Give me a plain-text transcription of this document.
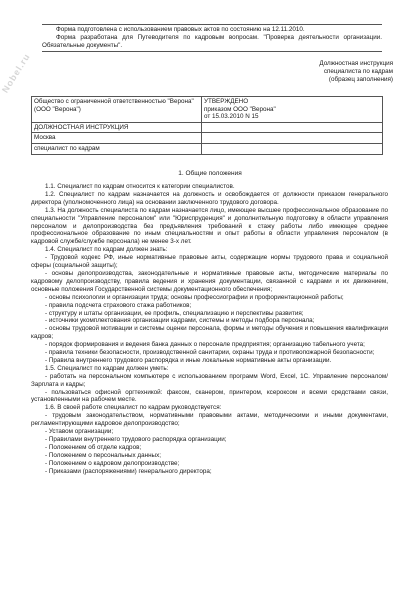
Nobel.ru

Форма подготовлена с использованием правовых актов по состоянию на 12.11.2010.

Форма разработана для Путеводителя по кадровым вопросам. "Проверка деятельности организации. Обязательные документы".

Должностная инструкция
специалиста по кадрам
(образец заполнения)
Общество с ограниченной ответственностью "Верона" (ООО "Верона")	УТВЕРЖДЕНО
приказом ООО "Верона"
от 15.03.2010 N 15

ДОЛЖНОСТНАЯ ИНСТРУКЦИЯ	
Москва	
специалист по кадрам	
1. Общие положения

1.1. Специалист по кадрам относится к категории специалистов.

1.2. Специалист по кадрам назначается на должность и освобождается от должности приказом генерального директора (уполномоченного лица) на основании заключенного трудового договора.

1.3. На должность специалиста по кадрам назначается лицо, имеющее высшее профессиональное образование по специальности "Управление персоналом" или "Юриспруденция" и дополнительную подготовку в области управления персоналом и делопроизводства без предъявления требований к стажу работы либо имеющее среднее профессиональное образование по иным специальностям и опыт работы в области управления персоналом (в кадровой службе/службе персонала) не менее 3-х лет.

1.4. Специалист по кадрам должен знать:

- Трудовой кодекс РФ, иные нормативные правовые акты, содержащие нормы трудового права и социальной сферы (социальной защиты);

- основы делопроизводства, законодательные и нормативные правовые акты, методические материалы по кадровому делопроизводству, правила ведения и хранения документации, связанной с кадрами и их движением, основные положения Государственной системы документационного обеспечения;

- основы психологии и организации труда; основы профессиографии и профориентационной работы;

- правила подсчета страхового стажа работников;

- структуру и штаты организации, ее профиль, специализацию и перспективы развития;

- источники укомплектования организации кадрами, системы и методы подбора персонала;

- основы трудовой мотивации и системы оценки персонала, формы и методы обучения и повышения квалификации кадров;

- порядок формирования и ведения банка данных о персонале предприятия; организацию табельного учета;

- правила техники безопасности, производственной санитарии, охраны труда и противопожарной безопасности;

- Правила внутреннего трудового распорядка и иные локальные нормативные акты организации.

1.5. Специалист по кадрам должен уметь:

- работать на персональном компьютере с использованием программ Word, Excel, 1С. Управление персоналом/Зарплата и кадры;

- пользоваться офисной оргтехникой: факсом, сканером, принтером, ксероксом и всеми средствами связи, установленными на рабочем месте.

1.6. В своей работе специалист по кадрам руководствуется:

- трудовым законодательством, нормативными правовыми актами, методическими и иными документами, регламентирующими кадровое делопроизводство;

- Уставом организации;

- Правилами внутреннего трудового распорядка организации;

- Положением об отделе кадров;

- Положением о персональных данных;

- Положением о кадровом делопроизводстве;

- Приказами (распоряжениями) генерального директора;
